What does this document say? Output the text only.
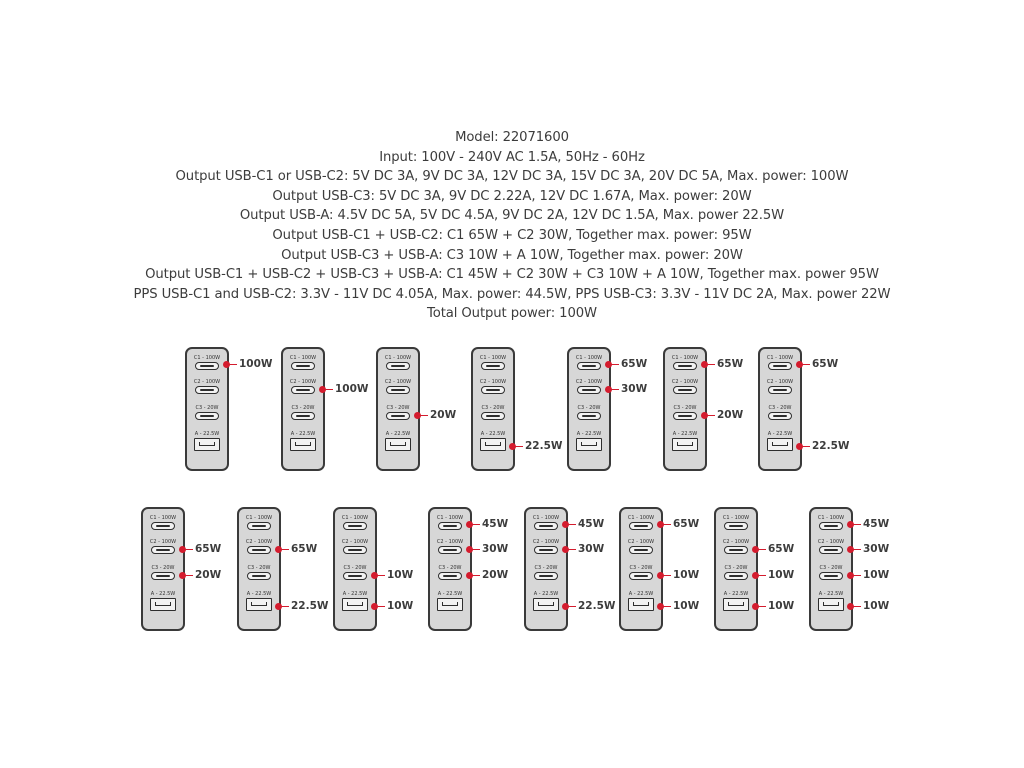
Model: 22071600
Input: 100V - 240V AC 1.5A, 50Hz - 60Hz
Output USB-C1 or USB-C2: 5V DC 3A, 9V DC 3A, 12V DC 3A, 15V DC 3A, 20V DC 5A, Max. power: 100W
Output USB-C3: 5V DC 3A, 9V DC 2.22A, 12V DC 1.67A, Max. power: 20W
Output USB-A: 4.5V DC 5A, 5V DC 4.5A, 9V DC 2A, 12V DC 1.5A, Max. power 22.5W
Output USB-C1 + USB-C2: C1 65W + C2 30W, Together max. power: 95W
Output USB-C3 + USB-A: C3 10W + A 10W, Together max. power: 20W
Output USB-C1 + USB-C2 + USB-C3 + USB-A: C1 45W + C2 30W + C3 10W + A 10W, Together max. power 95W
PPS USB-C1 and USB-C2: 3.3V - 11V DC 4.05A, Max. power: 44.5W, PPS USB-C3: 3.3V - 11V DC 2A, Max. power 22W
Total Output power: 100W
C1 - 100W
C2 - 100W
C3 - 20W
A - 22.5W
100W	C1 - 100W
C2 - 100W
C3 - 20W
A - 22.5W
100W
C1 - 100W
C2 - 100W
C3 - 20W
A - 22.5W
20W
C1 - 100W
C2 - 100W
C3 - 20W
A - 22.5W
22.5W
C1 - 100W
C2 - 100W
C3 - 20W
A - 22.5W
65W
30W
C1 - 100W
C2 - 100W
C3 - 20W
A - 22.5W
65W
20W
C1 - 100W
C2 - 100W
C3 - 20W
A - 22.5W
65W
22.5W
C1 - 100W
C2 - 100W
C3 - 20W
A - 22.5W
65W
20W
C1 - 100W
C2 - 100W
C3 - 20W
A - 22.5W
65W
22.5W
C1 - 100W
C2 - 100W
C3 - 20W
A - 22.5W
10W
10W
C1 - 100W
C2 - 100W
C3 - 20W
A - 22.5W
45W
30W
20W
C1 - 100W
C2 - 100W
C3 - 20W
A - 22.5W
45W
30W
22.5W
C1 - 100W
C2 - 100W
C3 - 20W
A - 22.5W
65W
10W
10W
C1 - 100W
C2 - 100W
C3 - 20W
A - 22.5W
65W
10W
10W
C1 - 100W
C2 - 100W
C3 - 20W
A - 22.5W
45W
30W
10W
10W
